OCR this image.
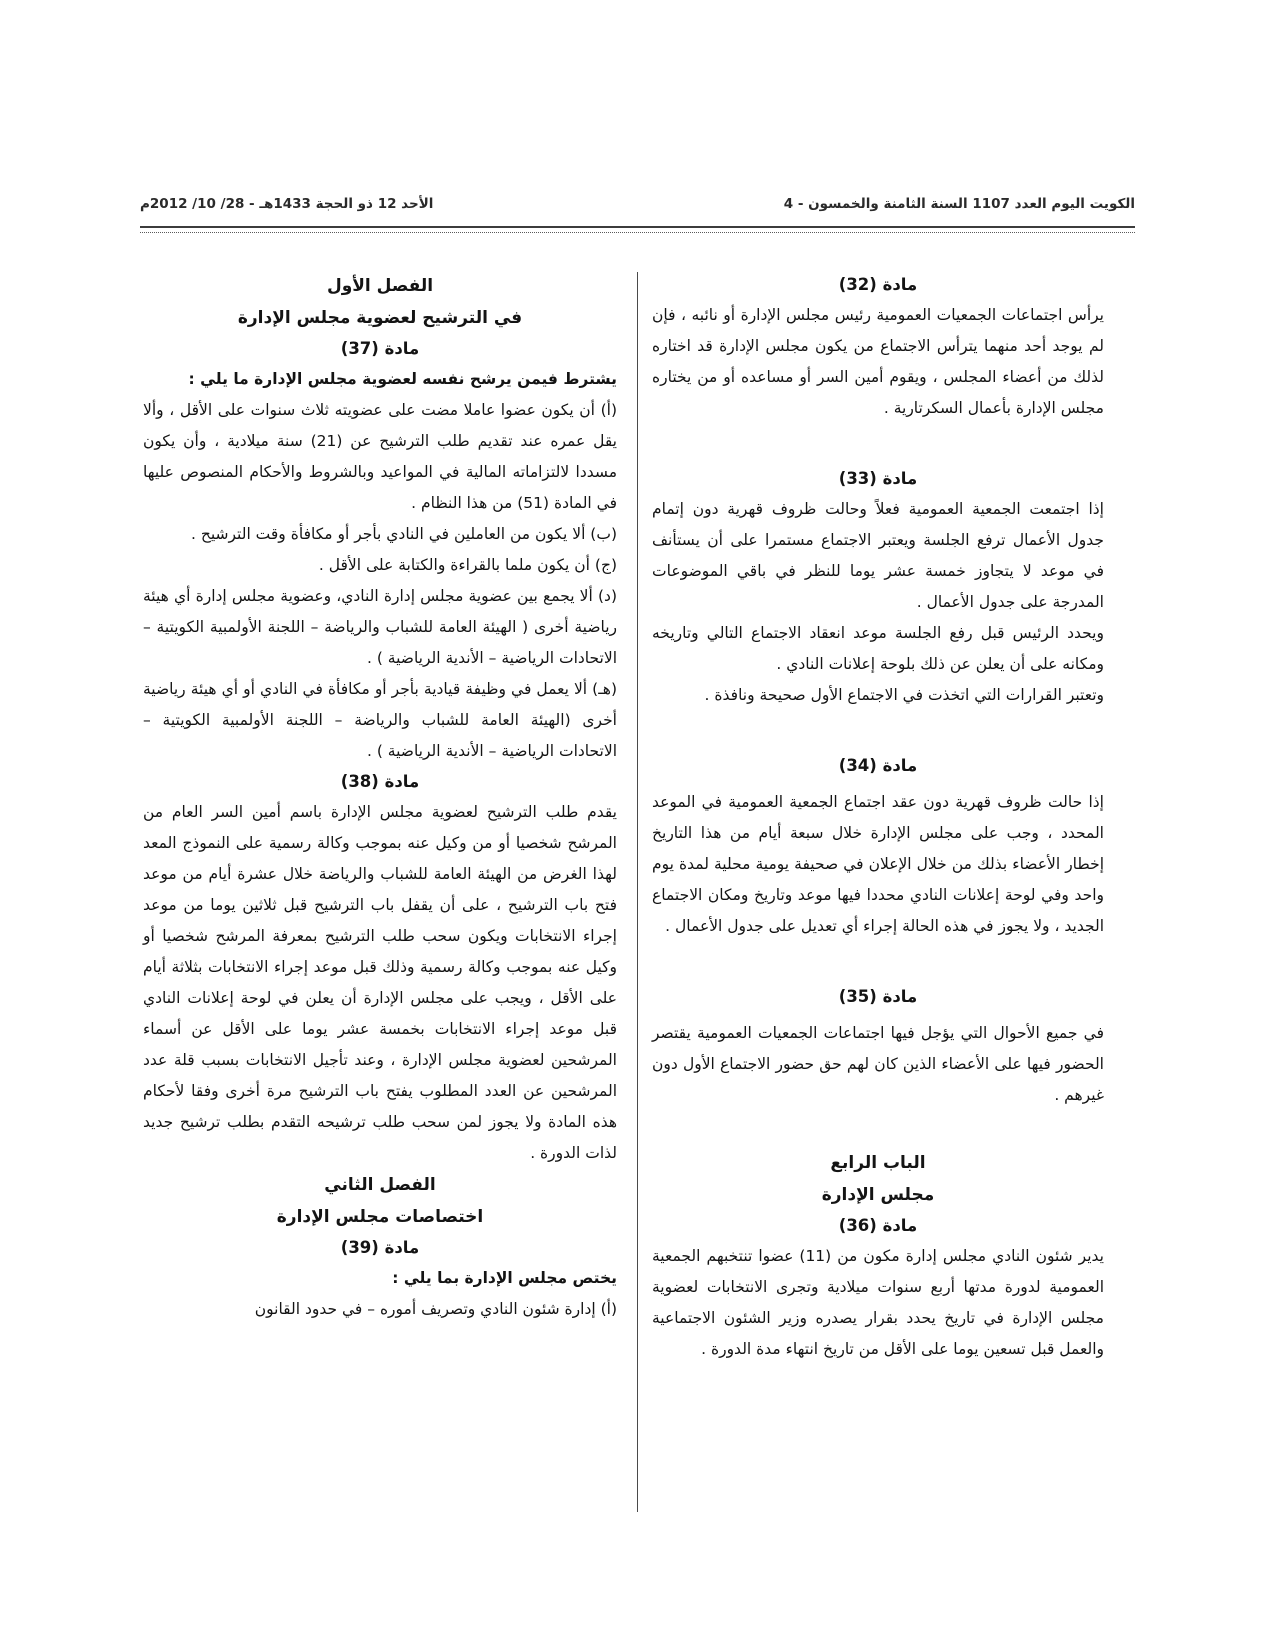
الكويت اليوم العدد 1107 السنة الثامنة والخمسون - 4
الأحد 12 ذو الحجة 1433هـ - 28/ 10/ 2012م
مادة (32)

يرأس اجتماعات الجمعيات العمومية رئيس مجلس الإدارة أو نائبه ، فإن لم يوجد أحد منهما يترأس الاجتماع من يكون مجلس الإدارة قد اختاره لذلك من أعضاء المجلس ، ويقوم أمين السر أو مساعده أو من يختاره مجلس الإدارة بأعمال السكرتارية .

مادة (33)

إذا اجتمعت الجمعية العمومية فعلاً وحالت ظروف قهرية دون إتمام جدول الأعمال ترفع الجلسة ويعتبر الاجتماع مستمرا على أن يستأنف في موعد لا يتجاوز خمسة عشر يوما للنظر في باقي الموضوعات المدرجة على جدول الأعمال .

ويحدد الرئيس قبل رفع الجلسة موعد انعقاد الاجتماع التالي وتاريخه ومكانه على أن يعلن عن ذلك بلوحة إعلانات النادي .

وتعتبر القرارات التي اتخذت في الاجتماع الأول صحيحة ونافذة .

مادة (34)

إذا حالت ظروف قهرية دون عقد اجتماع الجمعية العمومية في الموعد المحدد ، وجب على مجلس الإدارة خلال سبعة أيام من هذا التاريخ إخطار الأعضاء بذلك من خلال الإعلان في صحيفة يومية محلية لمدة يوم واحد وفي لوحة إعلانات النادي محددا فيها موعد وتاريخ ومكان الاجتماع الجديد ، ولا يجوز في هذه الحالة إجراء أي تعديل على جدول الأعمال .

مادة (35)

في جميع الأحوال التي يؤجل فيها اجتماعات الجمعيات العمومية يقتصر الحضور فيها على الأعضاء الذين كان لهم حق حضور الاجتماع الأول دون غيرهم .

الباب الرابع
مجلس الإدارة
مادة (36)

يدير شئون النادي مجلس إدارة مكون من (11) عضوا تنتخبهم الجمعية العمومية لدورة مدتها أربع سنوات ميلادية وتجرى الانتخابات لعضوية مجلس الإدارة في تاريخ يحدد بقرار يصدره وزير الشئون الاجتماعية والعمل قبل تسعين يوما على الأقل من تاريخ انتهاء مدة الدورة .

الفصل الأول
في الترشيح لعضوية مجلس الإدارة
مادة (37)

يشترط فيمن يرشح نفسه لعضوية مجلس الإدارة ما يلي :

(أ) أن يكون عضوا عاملا مضت على عضويته ثلاث سنوات على الأقل ، وألا يقل عمره عند تقديم طلب الترشيح عن (21) سنة ميلادية ، وأن يكون مسددا لالتزاماته المالية في المواعيد وبالشروط والأحكام المنصوص عليها في المادة (51) من هذا النظام .

(ب) ألا يكون من العاملين في النادي بأجر أو مكافأة وقت الترشيح .

(ج) أن يكون ملما بالقراءة والكتابة على الأقل .

(د) ألا يجمع بين عضوية مجلس إدارة النادي، وعضوية مجلس إدارة أي هيئة رياضية أخرى ( الهيئة العامة للشباب والرياضة – اللجنة الأولمبية الكويتية – الاتحادات الرياضية – الأندية الرياضية ) .

(هـ) ألا يعمل في وظيفة قيادية بأجر أو مكافأة في النادي أو أي هيئة رياضية أخرى (الهيئة العامة للشباب والرياضة – اللجنة الأولمبية الكويتية – الاتحادات الرياضية – الأندية الرياضية ) .

مادة (38)

يقدم طلب الترشيح لعضوية مجلس الإدارة باسم أمين السر العام من المرشح شخصيا أو من وكيل عنه بموجب وكالة رسمية على النموذج المعد لهذا الغرض من الهيئة العامة للشباب والرياضة خلال عشرة أيام من موعد فتح باب الترشيح ، على أن يقفل باب الترشيح قبل ثلاثين يوما من موعد إجراء الانتخابات ويكون سحب طلب الترشيح بمعرفة المرشح شخصيا أو وكيل عنه بموجب وكالة رسمية وذلك قبل موعد إجراء الانتخابات بثلاثة أيام على الأقل ، ويجب على مجلس الإدارة أن يعلن في لوحة إعلانات النادي قبل موعد إجراء الانتخابات بخمسة عشر يوما على الأقل عن أسماء المرشحين لعضوية مجلس الإدارة ، وعند تأجيل الانتخابات بسبب قلة عدد المرشحين عن العدد المطلوب يفتح باب الترشيح مرة أخرى وفقا لأحكام هذه المادة ولا يجوز لمن سحب طلب ترشيحه التقدم بطلب ترشيح جديد لذات الدورة .

الفصل الثاني
اختصاصات مجلس الإدارة
مادة (39)

يختص مجلس الإدارة بما يلي :

(أ) إدارة شئون النادي وتصريف أموره – في حدود القانون
